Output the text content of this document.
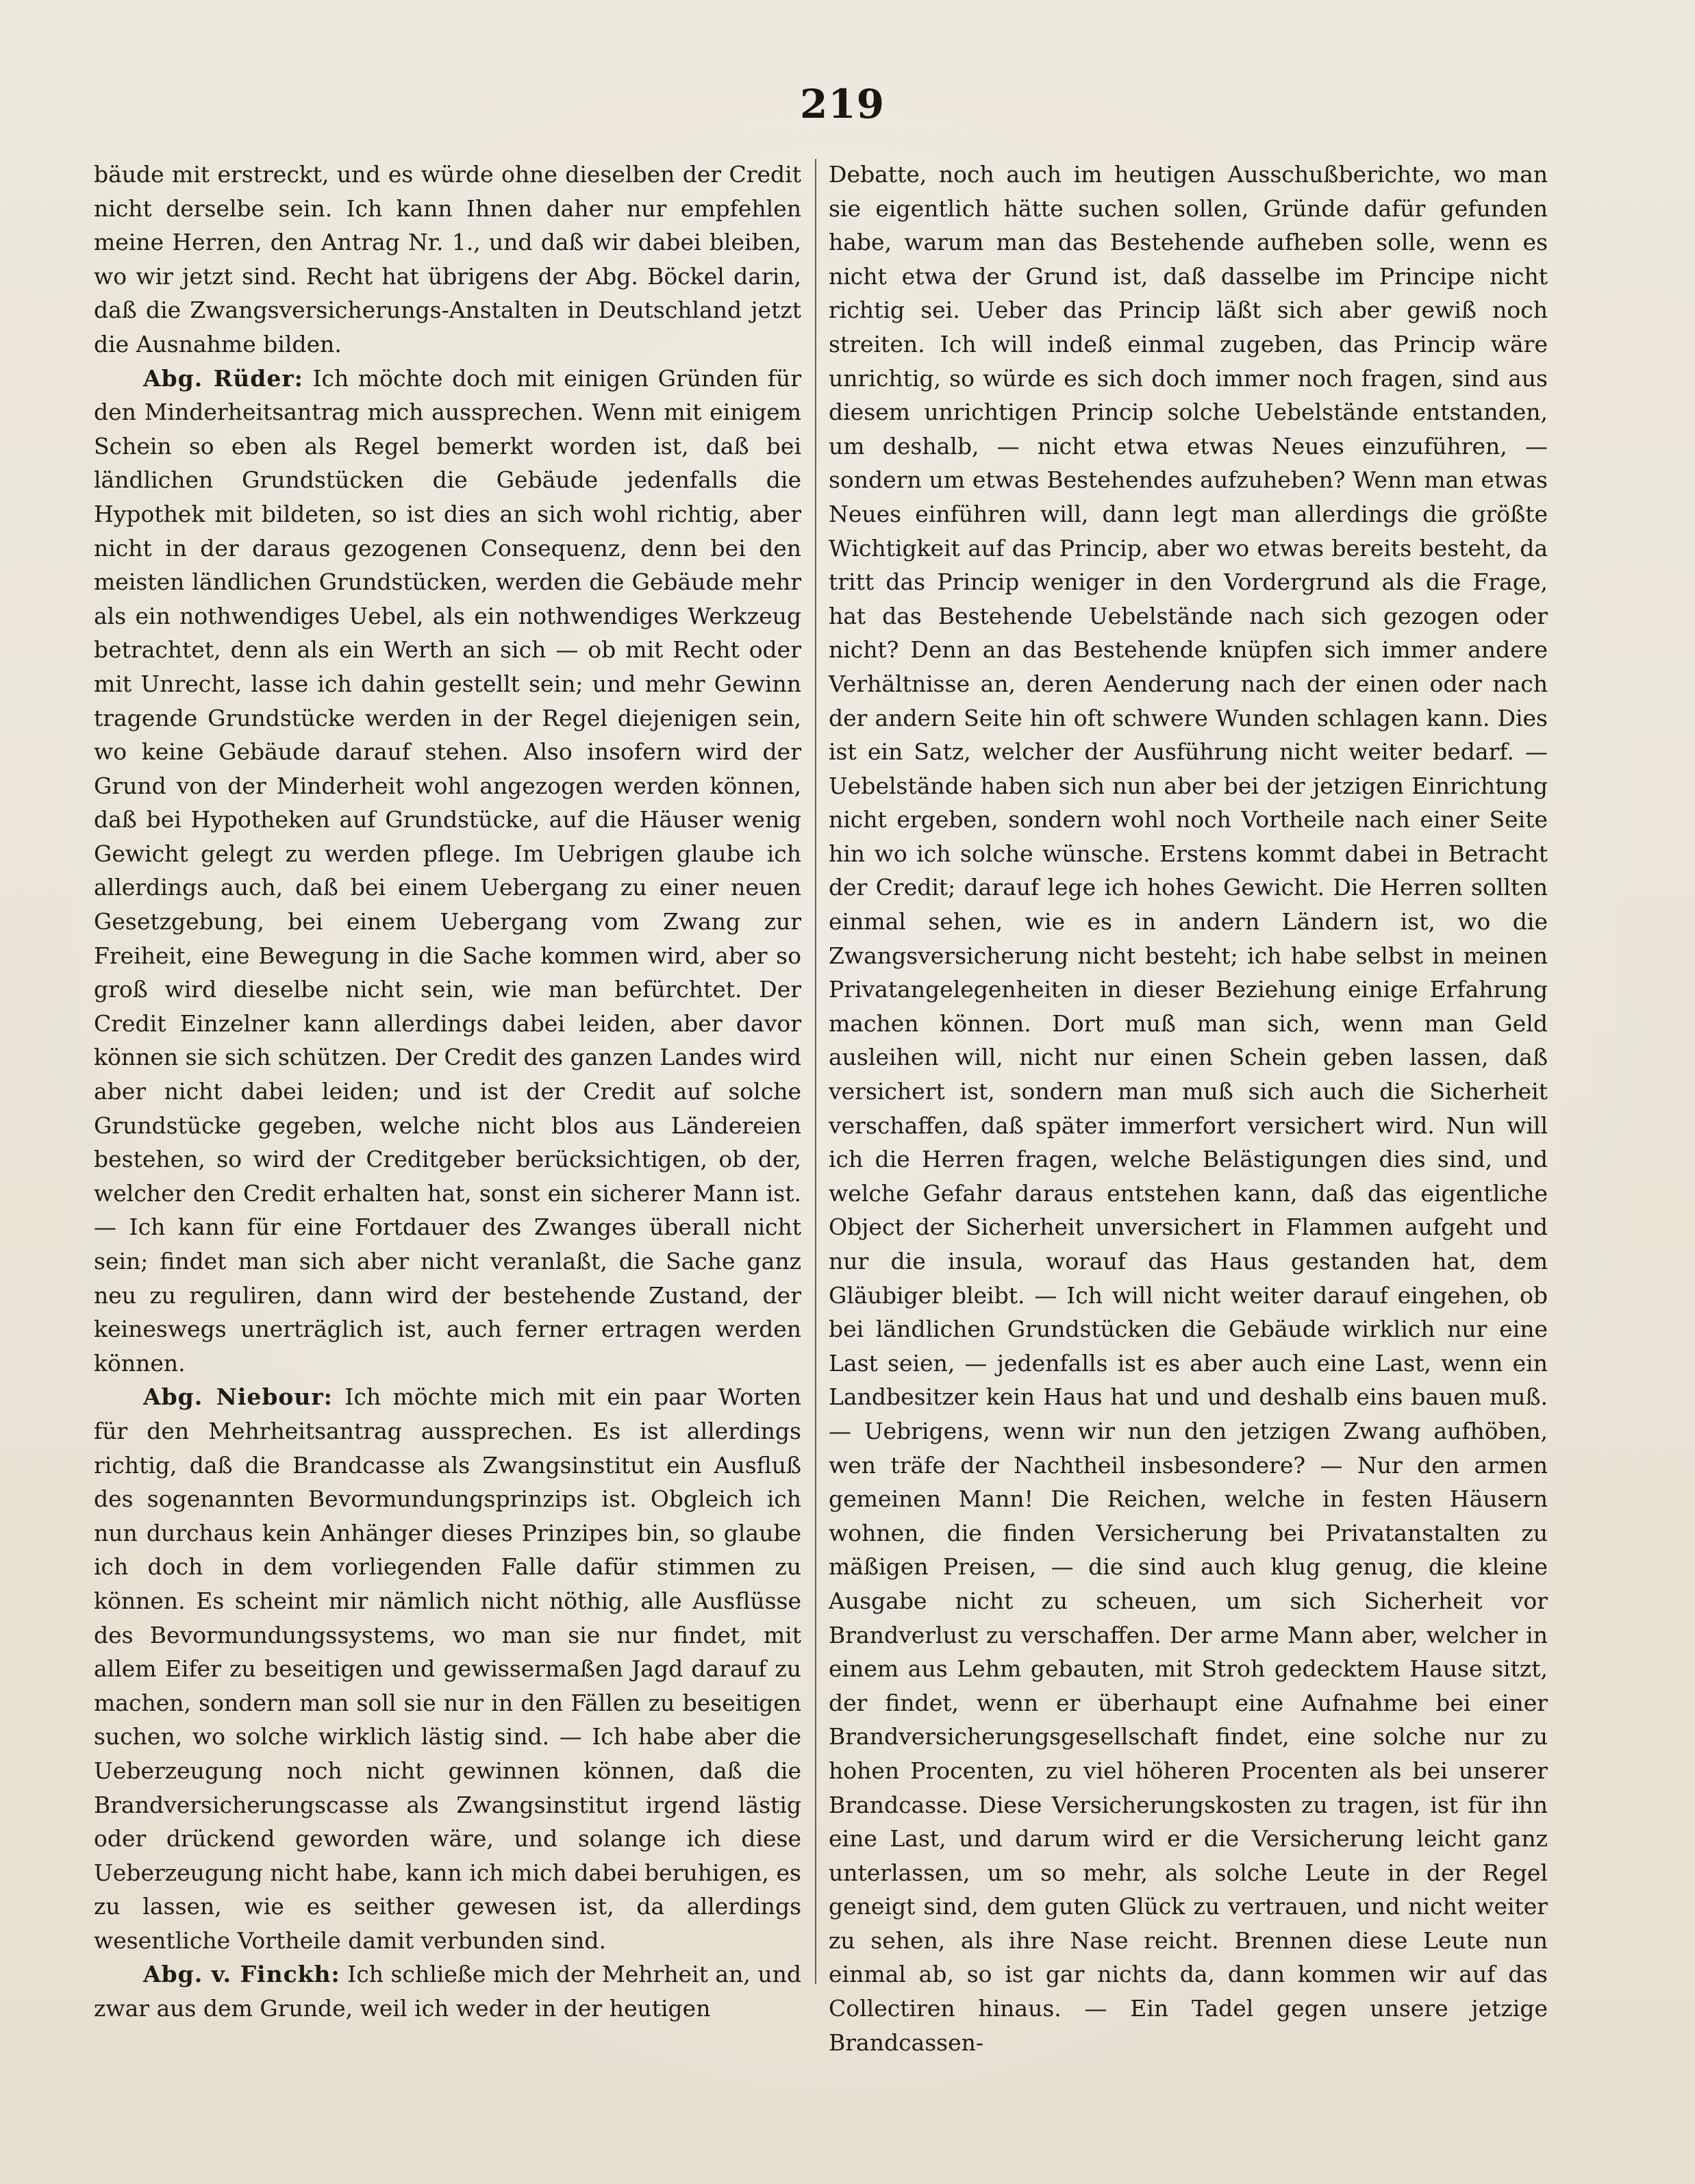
219

bäude mit erstreckt, und es würde ohne dieselben der Credit nicht derselbe sein. Ich kann Ihnen daher nur empfehlen meine Herren, den Antrag Nr. 1., und daß wir dabei bleiben, wo wir jetzt sind. Recht hat übrigens der Abg. Böckel darin, daß die Zwangsversicherungs-Anstalten in Deutschland jetzt die Ausnahme bilden.

Abg. Rüder: Ich möchte doch mit einigen Gründen für den Minderheitsantrag mich aussprechen. Wenn mit einigem Schein so eben als Regel bemerkt worden ist, daß bei ländlichen Grundstücken die Gebäude jedenfalls die Hypothek mit bildeten, so ist dies an sich wohl richtig, aber nicht in der daraus gezogenen Consequenz, denn bei den meisten ländlichen Grundstücken, werden die Gebäude mehr als ein nothwendiges Uebel, als ein nothwendiges Werkzeug betrachtet, denn als ein Werth an sich — ob mit Recht oder mit Unrecht, lasse ich dahin gestellt sein; und mehr Gewinn tragende Grundstücke werden in der Regel diejenigen sein, wo keine Gebäude darauf stehen. Also insofern wird der Grund von der Minderheit wohl angezogen werden können, daß bei Hypotheken auf Grundstücke, auf die Häuser wenig Gewicht gelegt zu werden pflege. Im Uebrigen glaube ich allerdings auch, daß bei einem Uebergang zu einer neuen Gesetzgebung, bei einem Uebergang vom Zwang zur Freiheit, eine Bewegung in die Sache kommen wird, aber so groß wird dieselbe nicht sein, wie man befürchtet. Der Credit Einzelner kann allerdings dabei leiden, aber davor können sie sich schützen. Der Credit des ganzen Landes wird aber nicht dabei leiden; und ist der Credit auf solche Grundstücke gegeben, welche nicht blos aus Ländereien bestehen, so wird der Creditgeber berücksichtigen, ob der, welcher den Credit erhalten hat, sonst ein sicherer Mann ist. — Ich kann für eine Fortdauer des Zwanges überall nicht sein; findet man sich aber nicht veranlaßt, die Sache ganz neu zu reguliren, dann wird der bestehende Zustand, der keineswegs unerträglich ist, auch ferner ertragen werden können.

Abg. Niebour: Ich möchte mich mit ein paar Worten für den Mehrheitsantrag aussprechen. Es ist allerdings richtig, daß die Brandcasse als Zwangsinstitut ein Ausfluß des sogenannten Bevormundungsprinzips ist. Obgleich ich nun durchaus kein Anhänger dieses Prinzipes bin, so glaube ich doch in dem vorliegenden Falle dafür stimmen zu können. Es scheint mir nämlich nicht nöthig, alle Ausflüsse des Bevormundungssystems, wo man sie nur findet, mit allem Eifer zu beseitigen und gewissermaßen Jagd darauf zu machen, sondern man soll sie nur in den Fällen zu beseitigen suchen, wo solche wirklich lästig sind. — Ich habe aber die Ueberzeugung noch nicht gewinnen können, daß die Brandversicherungscasse als Zwangsinstitut irgend lästig oder drückend geworden wäre, und solange ich diese Ueberzeugung nicht habe, kann ich mich dabei beruhigen, es zu lassen, wie es seither gewesen ist, da allerdings wesentliche Vortheile damit verbunden sind.

Abg. v. Finckh: Ich schließe mich der Mehrheit an, und zwar aus dem Grunde, weil ich weder in der heutigen

Debatte, noch auch im heutigen Ausschußberichte, wo man sie eigentlich hätte suchen sollen, Gründe dafür gefunden habe, warum man das Bestehende aufheben solle, wenn es nicht etwa der Grund ist, daß dasselbe im Principe nicht richtig sei. Ueber das Princip läßt sich aber gewiß noch streiten. Ich will indeß einmal zugeben, das Princip wäre unrichtig, so würde es sich doch immer noch fragen, sind aus diesem unrichtigen Princip solche Uebelstände entstanden, um deshalb, — nicht etwa etwas Neues einzuführen, — sondern um etwas Bestehendes aufzuheben? Wenn man etwas Neues einführen will, dann legt man allerdings die größte Wichtigkeit auf das Princip, aber wo etwas bereits besteht, da tritt das Princip weniger in den Vordergrund als die Frage, hat das Bestehende Uebelstände nach sich gezogen oder nicht? Denn an das Bestehende knüpfen sich immer andere Verhältnisse an, deren Aenderung nach der einen oder nach der andern Seite hin oft schwere Wunden schlagen kann. Dies ist ein Satz, welcher der Ausführung nicht weiter bedarf. — Uebelstände haben sich nun aber bei der jetzigen Einrichtung nicht ergeben, sondern wohl noch Vortheile nach einer Seite hin wo ich solche wünsche. Erstens kommt dabei in Betracht der Credit; darauf lege ich hohes Gewicht. Die Herren sollten einmal sehen, wie es in andern Ländern ist, wo die Zwangsversicherung nicht besteht; ich habe selbst in meinen Privatangelegenheiten in dieser Beziehung einige Erfahrung machen können. Dort muß man sich, wenn man Geld ausleihen will, nicht nur einen Schein geben lassen, daß versichert ist, sondern man muß sich auch die Sicherheit verschaffen, daß später immerfort versichert wird. Nun will ich die Herren fragen, welche Belästigungen dies sind, und welche Gefahr daraus entstehen kann, daß das eigentliche Object der Sicherheit unversichert in Flammen aufgeht und nur die insula, worauf das Haus gestanden hat, dem Gläubiger bleibt. — Ich will nicht weiter darauf eingehen, ob bei ländlichen Grundstücken die Gebäude wirklich nur eine Last seien, — jedenfalls ist es aber auch eine Last, wenn ein Landbesitzer kein Haus hat und und deshalb eins bauen muß. — Uebrigens, wenn wir nun den jetzigen Zwang aufhöben, wen träfe der Nachtheil insbesondere? — Nur den armen gemeinen Mann! Die Reichen, welche in festen Häusern wohnen, die finden Versicherung bei Privatanstalten zu mäßigen Preisen, — die sind auch klug genug, die kleine Ausgabe nicht zu scheuen, um sich Sicherheit vor Brandverlust zu verschaffen. Der arme Mann aber, welcher in einem aus Lehm gebauten, mit Stroh gedecktem Hause sitzt, der findet, wenn er überhaupt eine Aufnahme bei einer Brandversicherungsgesellschaft findet, eine solche nur zu hohen Procenten, zu viel höheren Procenten als bei unserer Brandcasse. Diese Versicherungskosten zu tragen, ist für ihn eine Last, und darum wird er die Versicherung leicht ganz unterlassen, um so mehr, als solche Leute in der Regel geneigt sind, dem guten Glück zu vertrauen, und nicht weiter zu sehen, als ihre Nase reicht. Brennen diese Leute nun einmal ab, so ist gar nichts da, dann kommen wir auf das Collectiren hinaus. — Ein Tadel gegen unsere jetzige Brandcassen-
